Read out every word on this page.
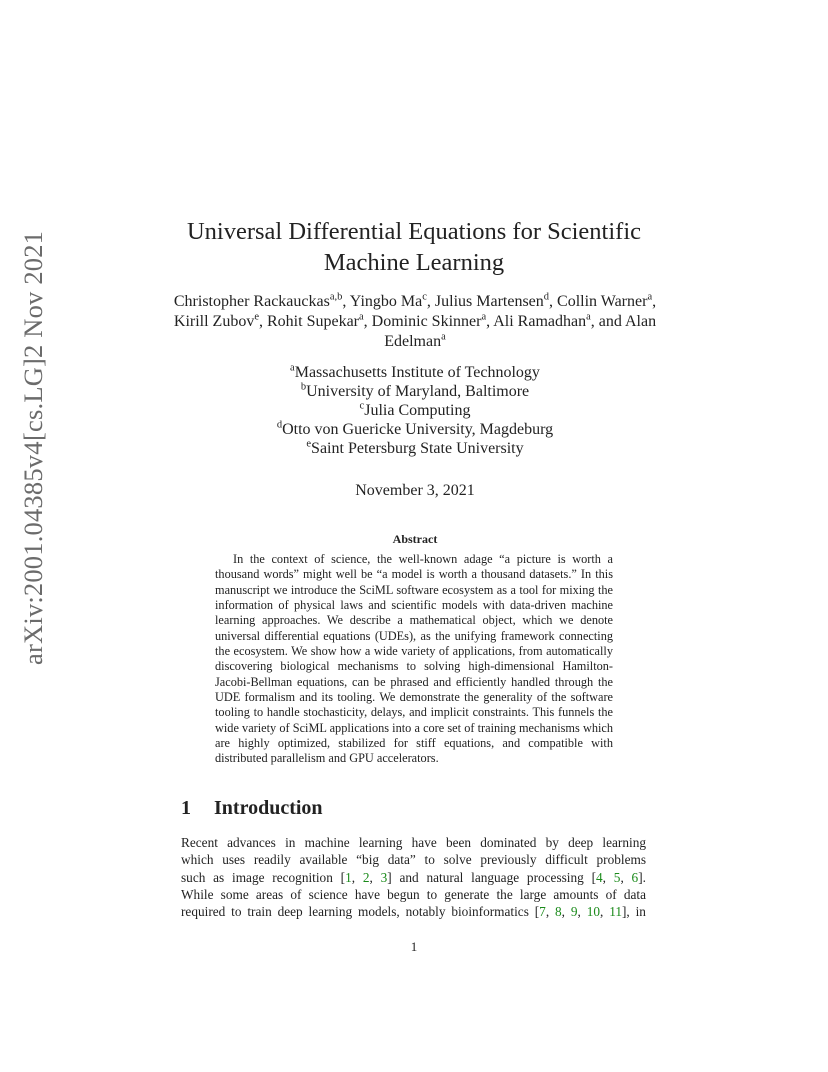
arXiv:2001.04385v4[cs.LG]2 Nov 2021	Universal Differential Equations for Scientific
Machine Learning
Christopher Rackauckas$^{a,b}$, Yingbo Ma$^c$, Julius Martensen$^d$, Collin Warner$^a$, Kirill Zubov$^e$, Rohit Supekar$^a$, Dominic Skinner$^a$, Ali Ramadhan$^a$, and Alan Edelman$^a$
$^a$Massachusetts Institute of Technology
$^b$University of Maryland, Baltimore
$^c$Julia Computing
$^d$Otto von Guericke University, Magdeburg
$^e$Saint Petersburg State University
November 3, 2021
Abstract
In the context of science, the well-known adage “a picture is worth a thousand words” might well be “a model is worth a thousand datasets.” In this manuscript we introduce the SciML software ecosystem as a tool for mixing the information of physical laws and scientific models with data-driven machine learning approaches. We describe a mathematical object, which we denote universal differential equations (UDEs), as the unifying framework connecting the ecosystem. We show how a wide variety of applications, from automatically discovering biological mechanisms to solving high-dimensional Hamilton-Jacobi-Bellman equations, can be phrased and efficiently handled through the UDE formalism and its tooling. We demonstrate the generality of the software tooling to handle stochasticity, delays, and implicit constraints. This funnels the wide variety of SciML applications into a core set of training mechanisms which are highly optimized, stabilized for stiff equations, and compatible with distributed parallelism and GPU accelerators.
1 Introduction
Recent advances in machine learning have been dominated by deep learning
which uses readily available “big data” to solve previously difficult problems
such as image recognition [1, 2, 3] and natural language processing [4, 5, 6].
While some areas of science have begun to generate the large amounts of data
required to train deep learning models, notably bioinformatics [7, 8, 9, 10, 11], in
1
